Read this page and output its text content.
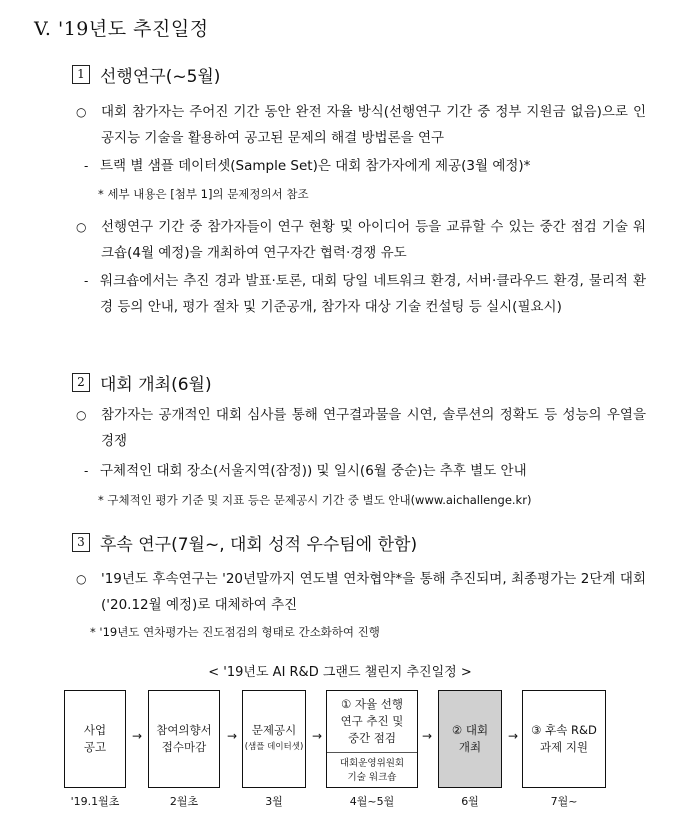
V. '19년도 추진일정
1 선행연구(~5월)
○ 대회 참가자는 주어진 기간 동안 완전 자율 방식(선행연구 기간 중 정부 지원금 없음)으로 인공지능 기술을 활용하여 공고된 문제의 해결 방법론을 연구
- 트랙 별 샘플 데이터셋(Sample Set)은 대회 참가자에게 제공(3월 예정)*
* 세부 내용은 [첨부 1]의 문제정의서 참조
○ 선행연구 기간 중 참가자들이 연구 현황 및 아이디어 등을 교류할 수 있는 중간 점검 기술 워크숍(4월 예정)을 개최하여 연구자간 협력·경쟁 유도
- 워크숍에서는 추진 경과 발표·토론, 대회 당일 네트워크 환경, 서버·클라우드 환경, 물리적 환경 등의 안내, 평가 절차 및 기준공개, 참가자 대상 기술 컨설팅 등 실시(필요시)
2 대회 개최(6월)
○ 참가자는 공개적인 대회 심사를 통해 연구결과물을 시연, 솔루션의 정확도 등 성능의 우열을 경쟁
- 구체적인 대회 장소(서울지역(잠정)) 및 일시(6월 중순)는 추후 별도 안내
* 구체적인 평가 기준 및 지표 등은 문제공시 기간 중 별도 안내(www.aichallenge.kr)
3 후속 연구(7월~, 대회 성적 우수팀에 한함)
○ '19년도 후속연구는 '20년말까지 연도별 연차협약*을 통해 추진되며, 최종평가는 2단계 대회('20.12월 예정)로 대체하여 추진
* '19년도 연차평가는 진도점검의 형태로 간소화하여 진행
< '19년도 AI R&D 그랜드 챌린지 추진일정 >
사업
공고
→ 참여의향서
접수마감
→ 문제공시
(샘플 데이터셋)
→
① 자율 선행
연구 추진 및
중간 점검
대회운영위원회
기술 워크숍
→ ② 대회
개최
→ ③ 후속 R&D
과제 지원
'19.1월초	2월초	3월	4월~5월	6월	7월~
